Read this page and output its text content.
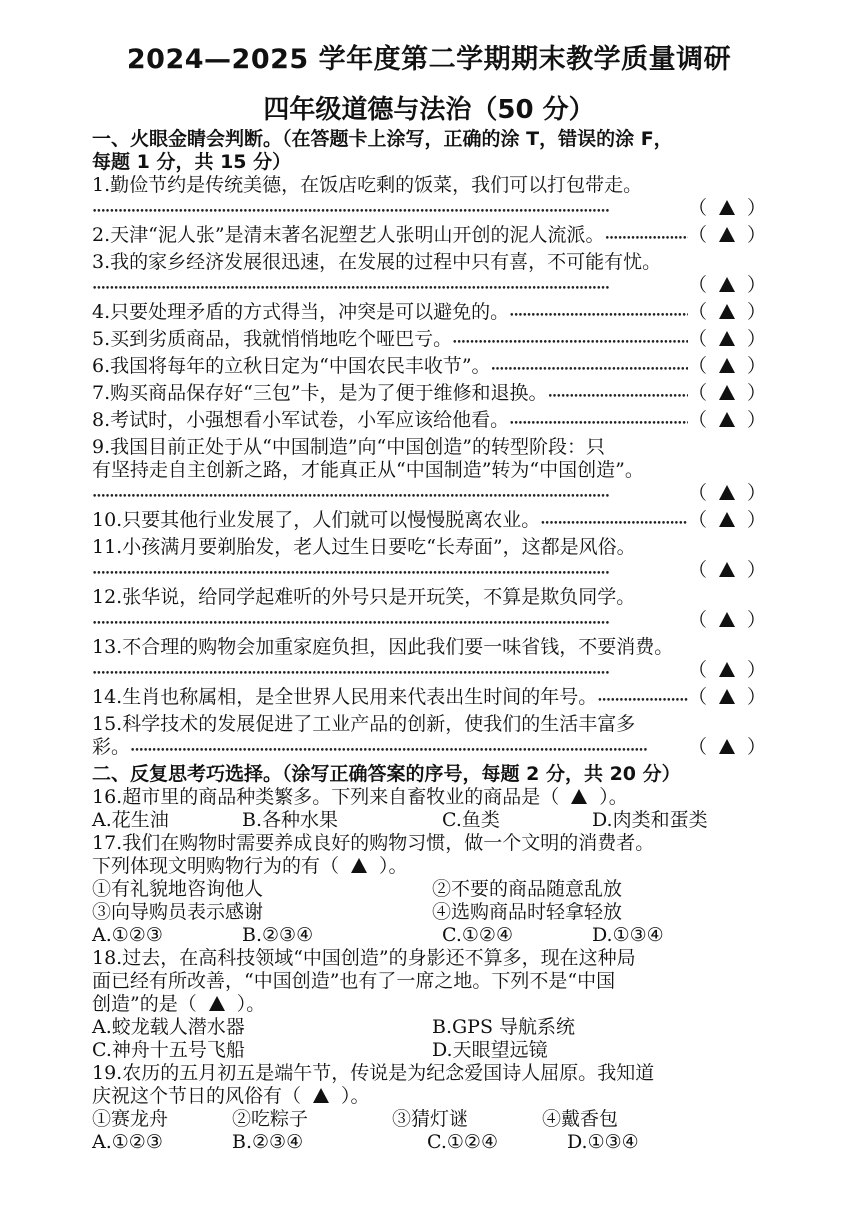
2024—2025 学年度第二学期期末教学质量调研
四年级道德与法治（50 分）
一、火眼金睛会判断。（在答题卡上涂写，正确的涂 T，错误的涂 F，
每题 1 分，共 15 分）
1.勤俭节约是传统美德，在饭店吃剩的饭菜，我们可以打包带走。
•••••
（ ）
2.天津“泥人张”是清末著名泥塑艺人张明山开创的泥人流派。 •••••	（ ）
3.我的家乡经济发展很迅速，在发展的过程中只有喜，不可能有忧。
•••••
（ ）
4.只要处理矛盾的方式得当，冲突是可以避免的。 •••••	（ ）
5.买到劣质商品，我就悄悄地吃个哑巴亏。 •••••	（ ）
6.我国将每年的立秋日定为“中国农民丰收节”。 •••••	（ ）
7.购买商品保存好“三包”卡，是为了便于维修和退换。 •••••	（ ）
8.考试时，小强想看小军试卷，小军应该给他看。 •••••	（ ）
9.我国目前正处于从“中国制造”向“中国创造”的转型阶段：只
有坚持走自主创新之路，才能真正从“中国制造”转为“中国创造”。
•••••
（ ）
10.只要其他行业发展了，人们就可以慢慢脱离农业。 •••••	（ ）
11.小孩满月要剃胎发，老人过生日要吃“长寿面”，这都是风俗。
•••••
（ ）
12.张华说，给同学起难听的外号只是开玩笑，不算是欺负同学。
•••••
（ ）
13.不合理的购物会加重家庭负担，因此我们要一味省钱，不要消费。
•••••
（ ）
14.生肖也称属相，是全世界人民用来代表出生时间的年号。 •••••	（ ）
15.科学技术的发展促进了工业产品的创新，使我们的生活丰富多
彩。 •••••	（ ）
二、反复思考巧选择。（涂写正确答案的序号，每题 2 分，共 20 分）
16.超市里的商品种类繁多。下列来自畜牧业的商品是（ ）。
A.花生油	B.各种水果	C.鱼类	D.肉类和蛋类
17.我们在购物时需要养成良好的购物习惯，做一个文明的消费者。
下列体现文明购物行为的有（ ）。
①有礼貌地咨询他人	②不要的商品随意乱放
③向导购员表示感谢	④选购商品时轻拿轻放
A.①②③	B.②③④	C.①②④	D.①③④
18.过去，在高科技领域“中国创造”的身影还不算多，现在这种局
面已经有所改善，“中国创造”也有了一席之地。下列不是“中国
创造”的是（ ）。
A.蛟龙载人潜水器	B.GPS 导航系统
C.神舟十五号飞船	D.天眼望远镜
19.农历的五月初五是端午节，传说是为纪念爱国诗人屈原。我知道
庆祝这个节日的风俗有（ ）。
①赛龙舟	②吃粽子	③猜灯谜	④戴香包
A.①②③	B.②③④	C.①②④	D.①③④
